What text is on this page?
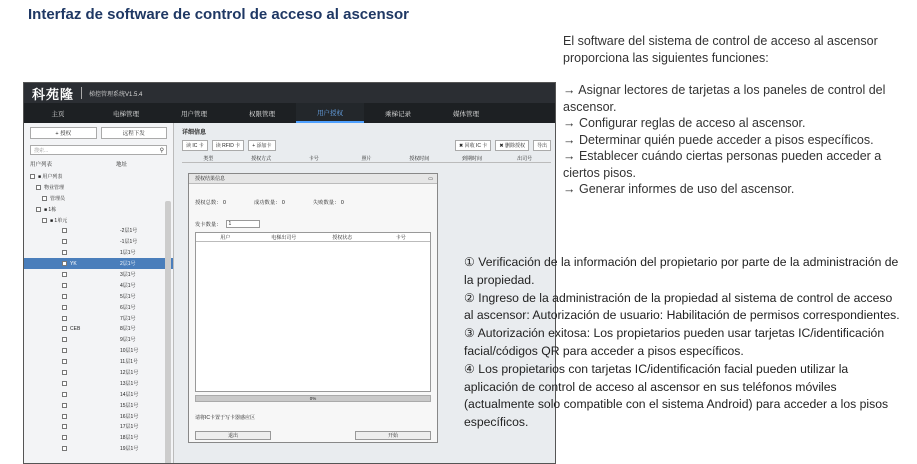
Interfaz de software de control de acceso al ascensor
科苑隆	梯控管理系统V1.5.4
主页	电梯管理	用户管理	权限管理	用户授权	乘梯记录	媒体管理
+ 授权	远程下发
搜索...	⚲
用户列表	地址
■ 用户列表
物业管理
管理员
■ 1栋
■ 1单元
-2层1号
-1层1号
1层1号
YK	2层1号
3层1号
4层1号
5层1号
6层1号
7层1号
CEB	8层1号
9层1号
10层1号
11层1号
12层1号
13层1号
14层1号
15层1号
16层1号
17层1号
18层1号
19层1号
详细信息
读 IC 卡	读 RFID 卡	+ 添加卡	✖ 回收 IC 卡	✖ 删除授权	导出
类型	授权方式	卡号	照片	授权时间	到期时间	出司号
授权结果信息	▭
授权总数： 0	成功数量： 0	失败数量： 0
发卡数量：	1
用户	电梯出司号	授权状态	卡号
0%
请将IC卡置于写卡器感应区
退出	开始
El software del sistema de control de acceso al ascensor proporciona las siguientes funciones:
→ Asignar lectores de tarjetas a los paneles de control del ascensor.
→ Configurar reglas de acceso al ascensor.
→ Determinar quién puede acceder a pisos específicos.
→ Establecer cuándo ciertas personas pueden acceder a ciertos pisos.
→ Generar informes de uso del ascensor.
① Verificación de la información del propietario por parte de la administración de la propiedad.
② Ingreso de la administración de la propiedad al sistema de control de acceso al ascensor: Autorización de usuario: Habilitación de permisos correspondientes.
③ Autorización exitosa: Los propietarios pueden usar tarjetas IC/identificación facial/códigos QR para acceder a pisos específicos.
④ Los propietarios con tarjetas IC/identificación facial pueden utilizar la aplicación de control de acceso al ascensor en sus teléfonos móviles (actualmente solo compatible con el sistema Android) para acceder a los pisos específicos.
